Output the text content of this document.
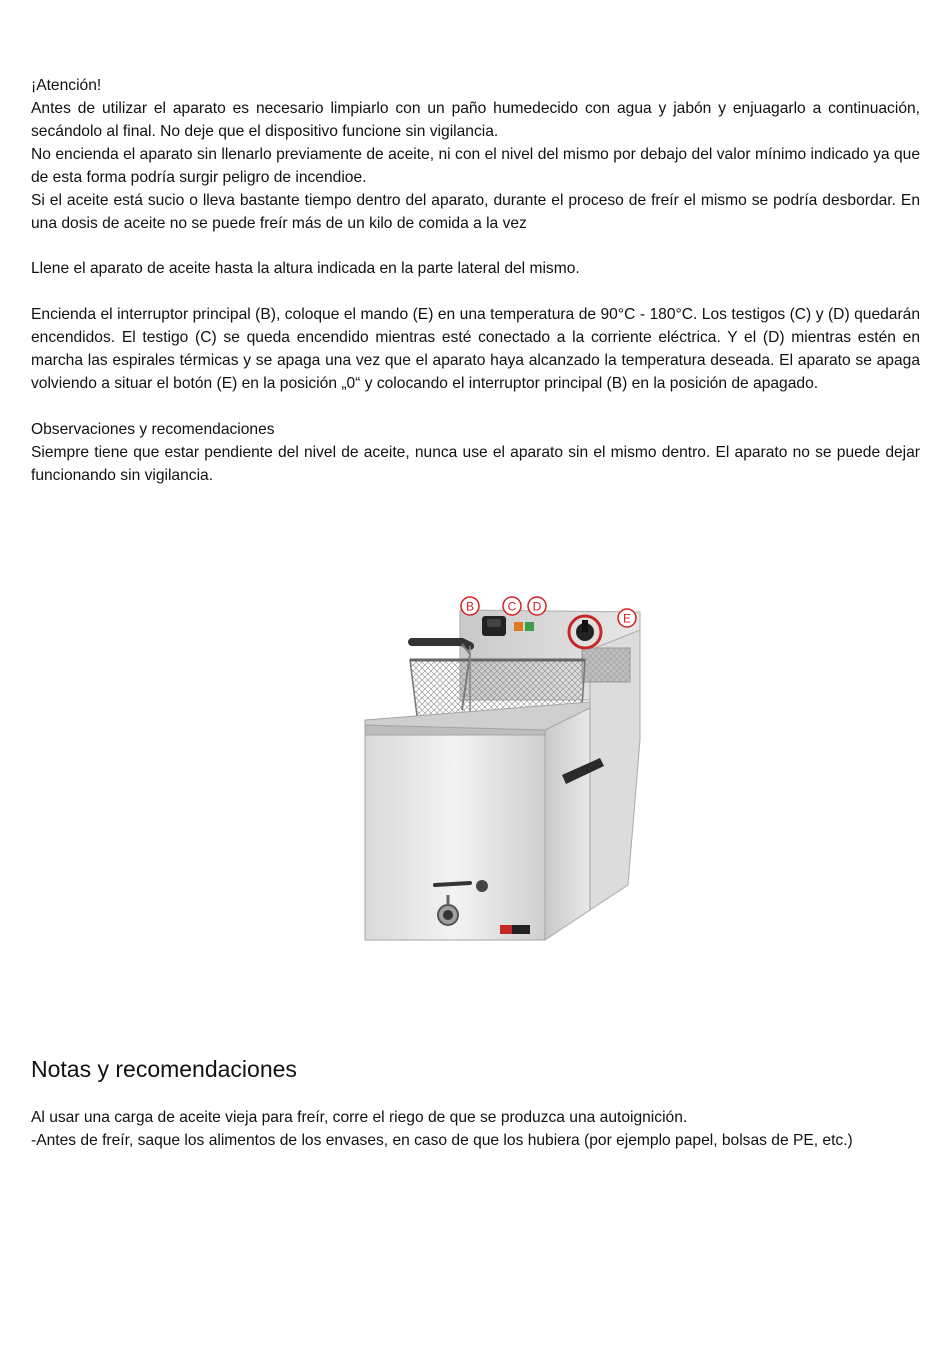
¡Atención!

Antes de utilizar el aparato es necesario limpiarlo con un paño humedecido con agua y jabón y enjuagarlo a continuación, secándolo al final. No deje que el dispositivo funcione sin vigilancia.

No encienda el aparato sin llenarlo previamente de aceite, ni con el nivel del mismo por debajo del valor mínimo indicado ya que de esta forma podría surgir peligro de incendioe.

Si el aceite está sucio o lleva bastante tiempo dentro del aparato, durante el proceso de freír el mismo se podría desbordar. En una dosis de aceite no se puede freír más de un kilo de comida a la vez

Llene el aparato de aceite hasta la altura indicada en la parte lateral del mismo.

Encienda el interruptor principal (B), coloque el mando (E) en una temperatura de 90°C - 180°C. Los testigos (C) y (D) quedarán encendidos. El testigo (C) se queda encendido mientras esté conectado a la corriente eléctrica. Y el (D) mientras estén en marcha las espirales térmicas y se apaga una vez que el aparato haya alcanzado la temperatura deseada. El aparato se apaga volviendo a situar el botón (E) en la posición „0“ y colocando el interruptor principal (B) en la posición de apagado.

Observaciones y recomendaciones

Siempre tiene que estar pendiente del nivel de aceite, nunca use el aparato sin el mismo dentro. El aparato no se puede dejar funcionando sin vigilancia.

B	C D
E
Notas y recomendaciones

Al usar una carga de aceite vieja para freír, corre el riego de que se produzca una autoignición.

-Antes de freír, saque los alimentos de los envases, en caso de que los hubiera (por ejemplo papel, bolsas de PE, etc.)
